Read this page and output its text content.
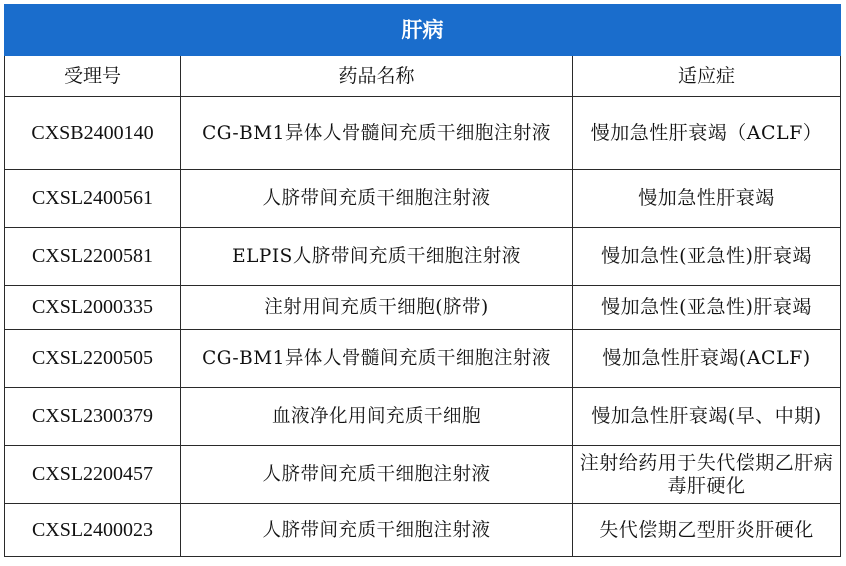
肝病		
受理号	药品名称	适应症
CXSB2400140	CG-BM1异体人骨髓间充质干细胞注射液	慢加急性肝衰竭（ACLF）
CXSL2400561	人脐带间充质干细胞注射液	慢加急性肝衰竭
CXSL2200581	ELPIS人脐带间充质干细胞注射液	慢加急性(亚急性)肝衰竭
CXSL2000335	注射用间充质干细胞(脐带)	慢加急性(亚急性)肝衰竭
CXSL2200505	CG-BM1异体人骨髓间充质干细胞注射液	慢加急性肝衰竭(ACLF)
CXSL2300379	血液净化用间充质干细胞	慢加急性肝衰竭(早、中期)
CXSL2200457	人脐带间充质干细胞注射液	注射给药用于失代偿期乙肝病毒肝硬化
CXSL2400023	人脐带间充质干细胞注射液	失代偿期乙型肝炎肝硬化
